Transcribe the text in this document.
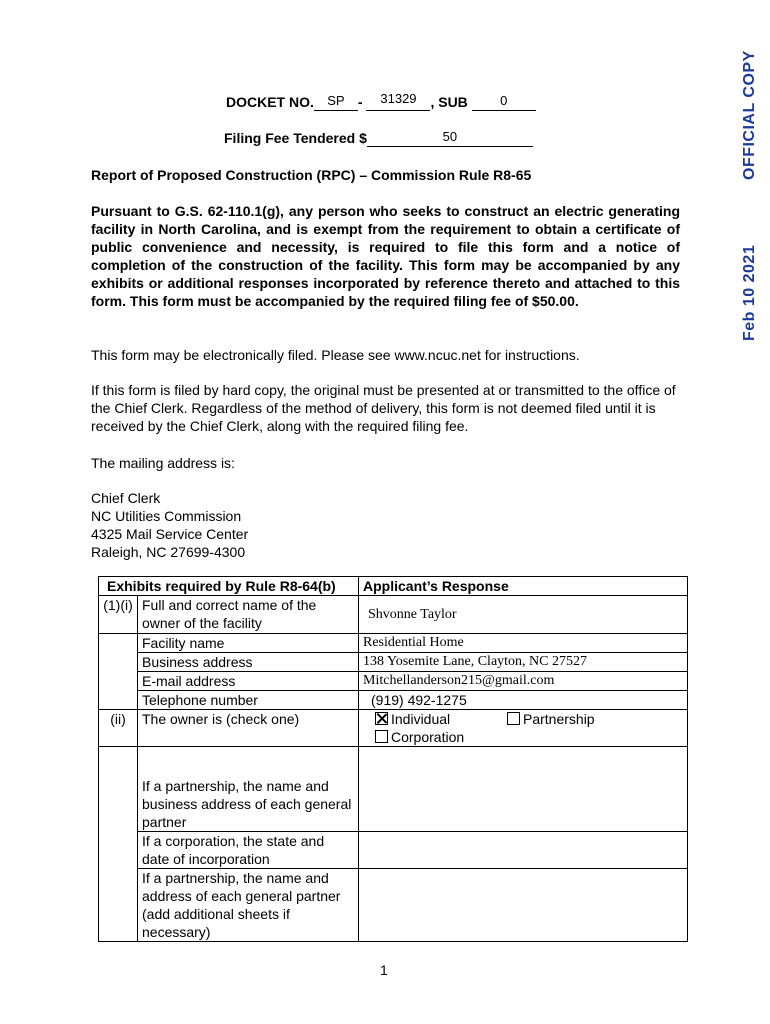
OFFICIAL COPY
Feb 10 2021
DOCKET NO. SP - 31329 , SUB 0
Filing Fee Tendered $	50
Report of Proposed Construction (RPC) – Commission Rule R8-65

Pursuant to G.S. 62-110.1(g), any person who seeks to construct an electric generating facility in North Carolina, and is exempt from the requirement to obtain a certificate of public convenience and necessity, is required to file this form and a notice of completion of the construction of the facility. This form may be accompanied by any exhibits or additional responses incorporated by reference thereto and attached to this form. This form must be accompanied by the required filing fee of $50.00.

This form may be electronically filed. Please see www.ncuc.net for instructions.

If this form is filed by hard copy, the original must be presented at or transmitted to the office of the Chief Clerk. Regardless of the method of delivery, this form is not deemed filed until it is received by the Chief Clerk, along with the required filing fee.

The mailing address is:

Chief Clerk
NC Utilities Commission
4325 Mail Service Center
Raleigh, NC 27699-4300
Exhibits required by Rule R8-64(b)		Applicant’s Response
(1)(i)	Full and correct name of the owner of the facility	Shvonne Taylor
	Facility name	Residential Home
	Business address	138 Yosemite Lane, Clayton, NC 27527
	E-mail address	Mitchellanderson215@gmail.com
	Telephone number	(919) 492-1275
(ii)	The owner is (check one)	Individual Partnership
Corporation

	If a partnership, the name and business address of each general partner	
	If a corporation, the state and date of incorporation	
	If a partnership, the name and address of each general partner (add additional sheets if necessary)	
1
